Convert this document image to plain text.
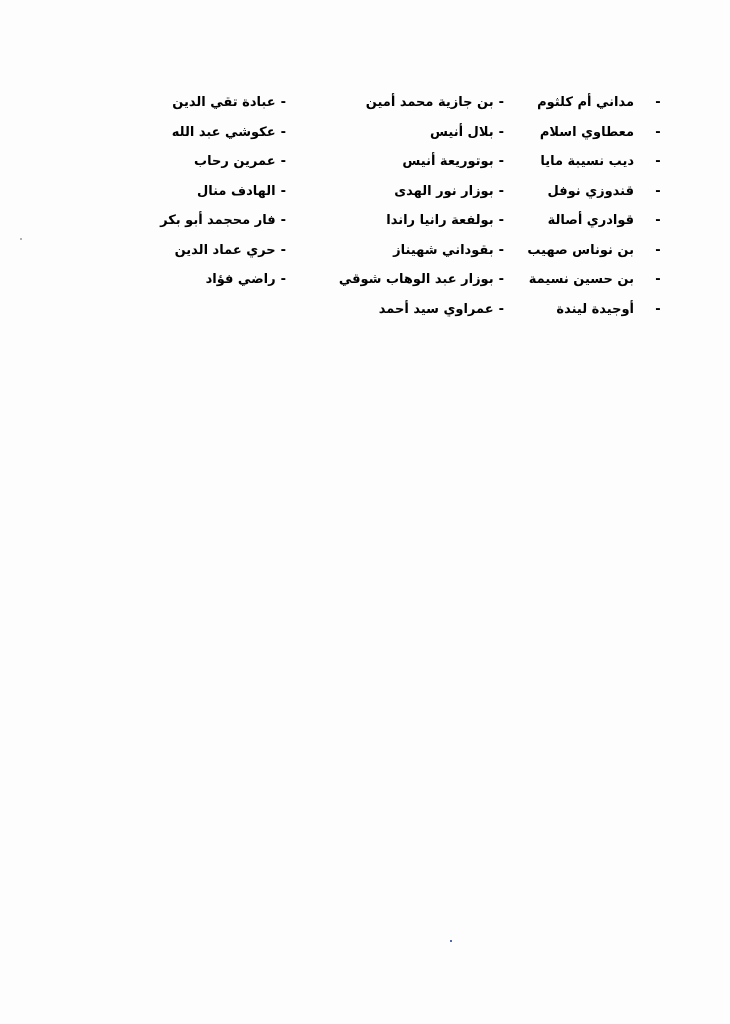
-
مداني أم كلثوم
-
معطاوي اسلام
-
ديب نسيبة مايا
-
قندوزي نوفل
-
قوادري أصالة
-
بن نوناس صهيب
-
بن حسين نسيمة
-
أوجيدة ليندة
-
بن جازية محمد أمين
-
بلال أنيس
-
بوتوريعة أنيس
-
بوزار نور الهدى
-
بولفعة رانيا راندا
-
بقوداني شهيناز
-
بوزار عبد الوهاب شوقي
-
عمراوي سيد أحمد
-
عبادة تقي الدين
-
عكوشي عبد الله
-
عمرين رحاب
-
الهادف منال
-
فار محجمد أبو بكر
-
حري عماد الدين
-
راضي فؤاد
